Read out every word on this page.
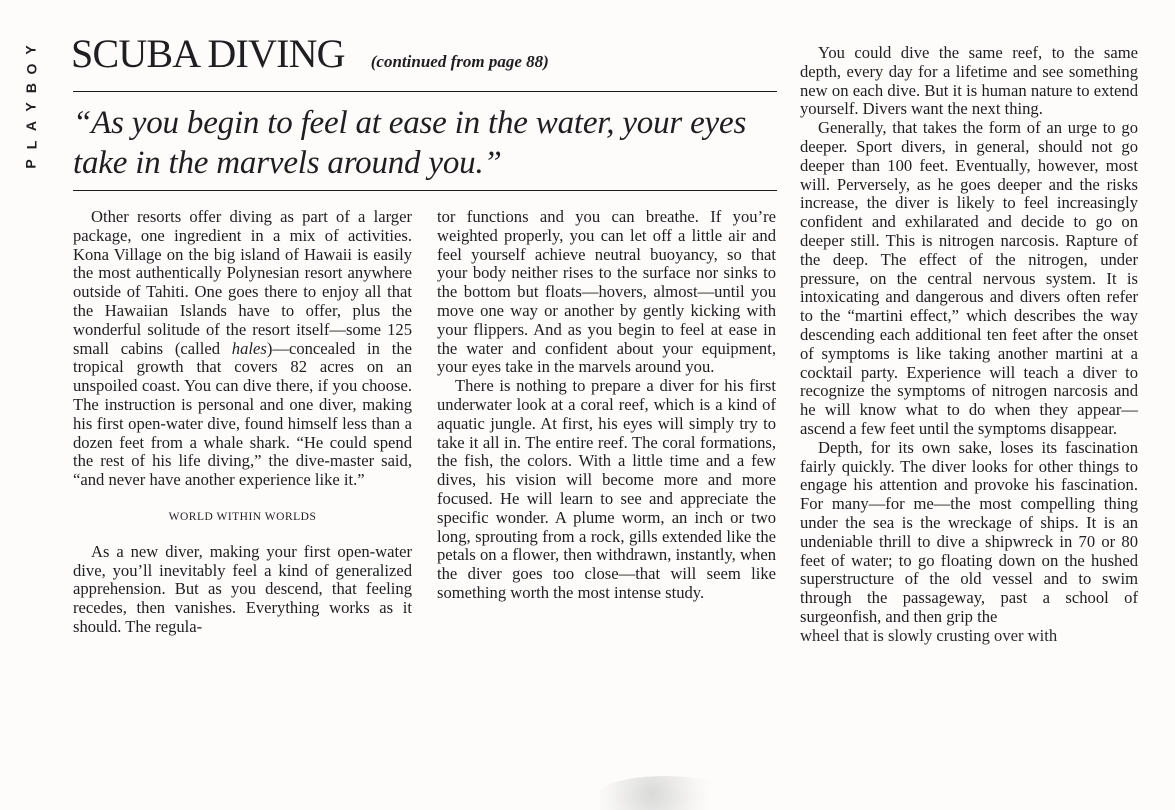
Y
O
B
Y
A
L
P
SCUBA DIVING (continued from page 88)
“As you begin to feel at ease in the water, your eyes take in the marvels around you.”

Other resorts offer diving as part of a larger package, one ingredient in a mix of activities. Kona Village on the big island of Hawaii is easily the most authentically Polynesian resort anywhere outside of Tahiti. One goes there to enjoy all that the Hawaiian Islands have to offer, plus the wonderful solitude of the resort itself—some 125 small cabins (called hales)—concealed in the tropical growth that covers 82 acres on an unspoiled coast. You can dive there, if you choose. The instruction is personal and one diver, making his first open-water dive, found himself less than a dozen feet from a whale shark. “He could spend the rest of his life diving,” the dive-master said, “and never have another experience like it.”

WORLD WITHIN WORLDS

As a new diver, making your first open-water dive, you’ll inevitably feel a kind of generalized apprehension. But as you descend, that feeling recedes, then vanishes. Everything works as it should. The regula-

tor functions and you can breathe. If you’re weighted properly, you can let off a little air and feel yourself achieve neutral buoyancy, so that your body neither rises to the surface nor sinks to the bottom but floats—hovers, almost—until you move one way or another by gently kicking with your flippers. And as you begin to feel at ease in the water and confident about your equipment, your eyes take in the marvels around you.

There is nothing to prepare a diver for his first underwater look at a coral reef, which is a kind of aquatic jungle. At first, his eyes will simply try to take it all in. The entire reef. The coral formations, the fish, the colors. With a little time and a few dives, his vision will become more and more focused. He will learn to see and appreciate the specific wonder. A plume worm, an inch or two long, sprouting from a rock, gills extended like the petals on a flower, then withdrawn, instantly, when the diver goes too close—that will seem like something worth the most intense study.

You could dive the same reef, to the same depth, every day for a lifetime and see something new on each dive. But it is human nature to extend yourself. Divers want the next thing.

Generally, that takes the form of an urge to go deeper. Sport divers, in general, should not go deeper than 100 feet. Eventually, however, most will. Perversely, as he goes deeper and the risks increase, the diver is likely to feel increasingly confident and exhilarated and decide to go on deeper still. This is nitrogen narcosis. Rapture of the deep. The effect of the nitrogen, under pressure, on the central nervous system. It is intoxicating and dangerous and divers often refer to the “martini effect,” which describes the way descending each additional ten feet after the onset of symptoms is like taking another martini at a cocktail party. Experience will teach a diver to recognize the symptoms of nitrogen narcosis and he will know what to do when they appear—ascend a few feet until the symptoms disappear.

Depth, for its own sake, loses its fascination fairly quickly. The diver looks for other things to engage his attention and provoke his fascination. For many—for me—the most compelling thing under the sea is the wreckage of ships. It is an undeniable thrill to dive a shipwreck in 70 or 80 feet of water; to go floating down on the hushed superstructure of the old vessel and to swim through the passageway, past a school of surgeonfish, and then grip the

wheel that is slowly crusting over with
